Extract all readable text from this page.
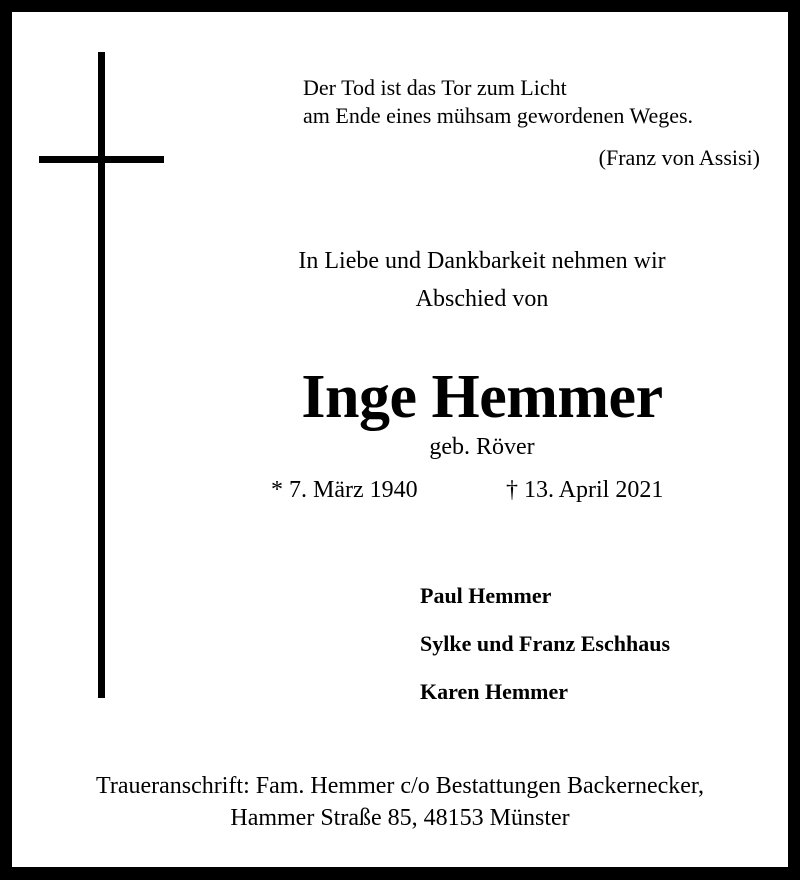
Der Tod ist das Tor zum Licht
am Ende eines mühsam gewordenen Weges.
(Franz von Assisi)
In Liebe und Dankbarkeit nehmen wir
Abschied von
Inge Hemmer
geb. Röver
* 7. März 1940	† 13. April 2021
Paul Hemmer
Sylke und Franz Eschhaus
Karen Hemmer
Traueranschrift: Fam. Hemmer c/o Bestattungen Backernecker,
Hammer Straße 85, 48153 Münster
